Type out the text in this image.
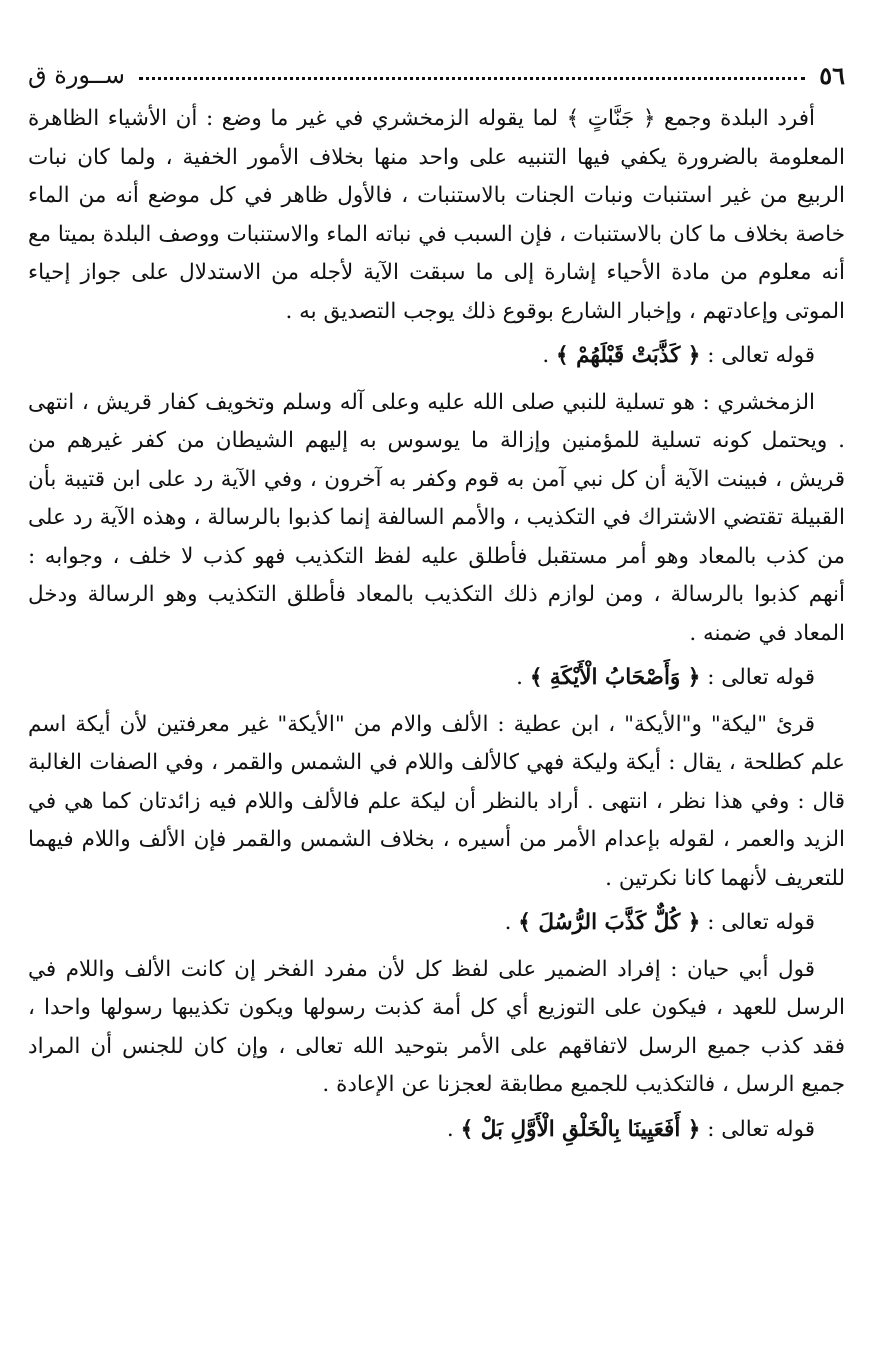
٥٦
ســورة ق

أفرد البلدة وجمع ﴿ جَنَّاتٍ ﴾ لما يقوله الزمخشري في غير ما وضع : أن الأشياء الظاهرة المعلومة بالضرورة يكفي فيها التنبيه على واحد منها بخلاف الأمور الخفية ، ولما كان نبات الربيع من غير استنبات ونبات الجنات بالاستنبات ، فالأول ظاهر في كل موضع أنه من الماء خاصة بخلاف ما كان بالاستنبات ، فإن السبب في نباته الماء والاستنبات ووصف البلدة بميتا مع أنه معلوم من مادة الأحياء إشارة إلى ما سبقت الآية لأجله من الاستدلال على جواز إحياء الموتى وإعادتهم ، وإخبار الشارع بوقوع ذلك يوجب التصديق به .

قوله تعالى : ﴿ كَذَّبَتْ قَبْلَهُمْ ﴾ .

الزمخشري : هو تسلية للنبي صلى الله عليه وعلى آله وسلم وتخويف كفار قريش ، انتهى . ويحتمل كونه تسلية للمؤمنين وإزالة ما يوسوس به إليهم الشيطان من كفر غيرهم من قريش ، فبينت الآية أن كل نبي آمن به قوم وكفر به آخرون ، وفي الآية رد على ابن قتيبة بأن القبيلة تقتضي الاشتراك في التكذيب ، والأمم السالفة إنما كذبوا بالرسالة ، وهذه الآية رد على من كذب بالمعاد وهو أمر مستقبل فأطلق عليه لفظ التكذيب فهو كذب لا خلف ، وجوابه : أنهم كذبوا بالرسالة ، ومن لوازم ذلك التكذيب بالمعاد فأطلق التكذيب وهو الرسالة ودخل المعاد في ضمنه .

قوله تعالى : ﴿ وَأَصْحَابُ الْأَيْكَةِ ﴾ .

قرئ "ليكة" و"الأيكة" ، ابن عطية : الألف والام من "الأيكة" غير معرفتين لأن أيكة اسم علم كطلحة ، يقال : أيكة وليكة فهي كالألف واللام في الشمس والقمر ، وفي الصفات الغالبة قال : وفي هذا نظر ، انتهى . أراد بالنظر أن ليكة علم فالألف واللام فيه زائدتان كما هي في الزيد والعمر ، لقوله بإعدام الأمر من أسيره ، بخلاف الشمس والقمر فإن الألف واللام فيهما للتعريف لأنهما كانا نكرتين .

قوله تعالى : ﴿ كُلٌّ كَذَّبَ الرُّسُلَ ﴾ .

قول أبي حيان : إفراد الضمير على لفظ كل لأن مفرد الفخر إن كانت الألف واللام في الرسل للعهد ، فيكون على التوزيع أي كل أمة كذبت رسولها ويكون تكذيبها رسولها واحدا ، فقد كذب جميع الرسل لاتفاقهم على الأمر بتوحيد الله تعالى ، وإن كان للجنس أن المراد جميع الرسل ، فالتكذيب للجميع مطابقة لعجزنا عن الإعادة .

قوله تعالى : ﴿ أَفَعَيِينَا بِالْخَلْقِ الْأَوَّلِ بَلْ ﴾ .
